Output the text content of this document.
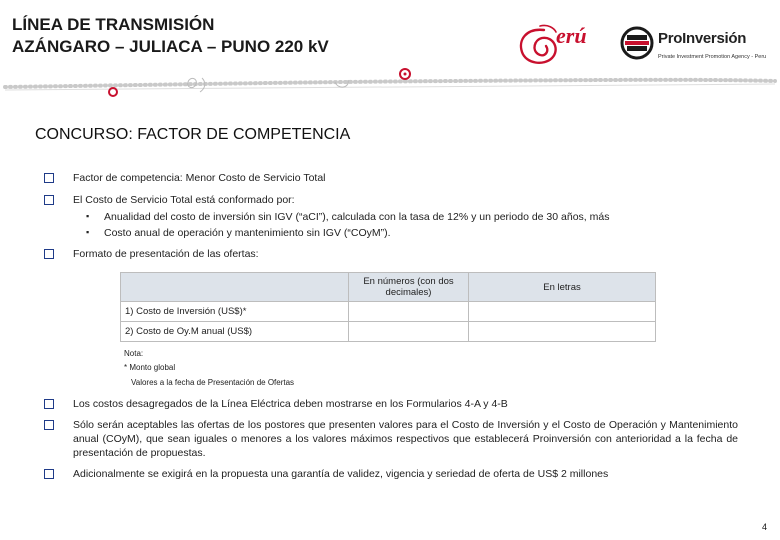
LÍNEA DE TRANSMISIÓN
AZÁNGARO – JULIACA – PUNO 220 kV	erú	ProInversión
Private Investment Promotion Agency - Peru
CONCURSO: FACTOR DE COMPETENCIA
Factor de competencia: Menor Costo de Servicio Total
El Costo de Servicio Total está conformado por:
▪ Anualidad del costo de inversión sin IGV (“aCI”), calculada con la tasa de 12% y un periodo de 30 años, más
▪ Costo anual de operación y mantenimiento sin IGV (“COyM”).
Formato de presentación de las ofertas:
	En números (con dos decimales)	En letras
1) Costo de Inversión (US$)*		
2) Costo de Oy.M anual (US$)		
Nota:
* Monto global
Valores a la fecha de Presentación de Ofertas
Los costos desagregados de la Línea Eléctrica deben mostrarse en los Formularios 4-A y 4-B
Sólo serán aceptables las ofertas de los postores que presenten valores para el Costo de Inversión y el Costo de Operación y Mantenimiento anual (COyM), que sean iguales o menores a los valores máximos respectivos que establecerá Proinversión con anterioridad a la fecha de presentación de propuestas.
Adicionalmente se exigirá en la propuesta una garantía de validez, vigencia y seriedad de oferta de US$ 2 millones
4
